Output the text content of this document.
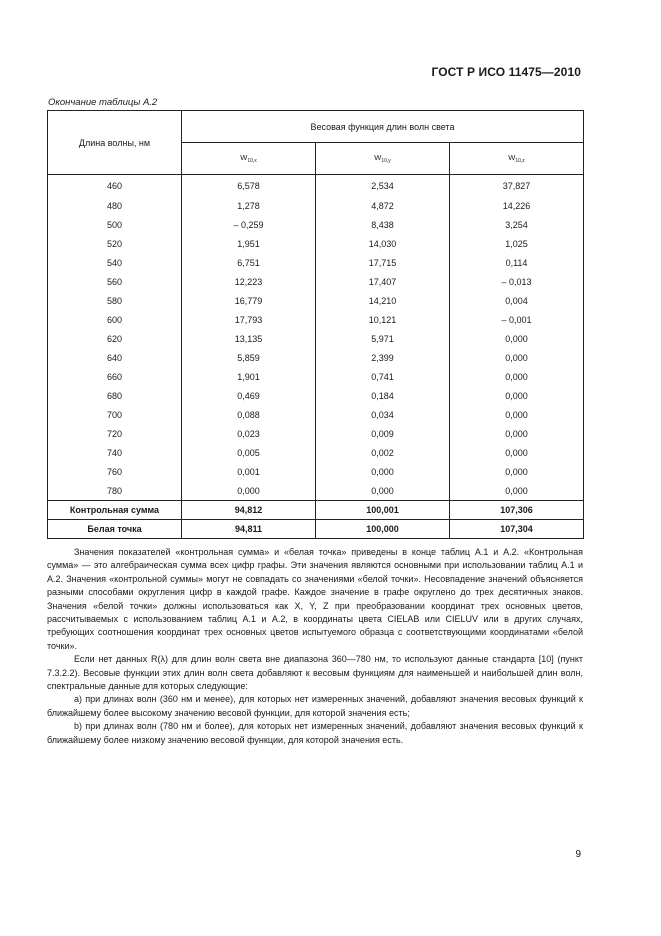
ГОСТ Р ИСО 11475—2010
Окончание таблицы А.2
Длина волны, нм	Весовая функция длин волн света		
	$W_{10,x}$	$W_{10,y}$	$W_{10,z}$
460	6,578	2,534	37,827
480	1,278	4,872	14,226
500	– 0,259	8,438	3,254
520	1,951	14,030	1,025
540	6,751	17,715	0,114
560	12,223	17,407	– 0,013
580	16,779	14,210	0,004
600	17,793	10,121	– 0,001
620	13,135	5,971	0,000
640	5,859	2,399	0,000
660	1,901	0,741	0,000
680	0,469	0,184	0,000
700	0,088	0,034	0,000
720	0,023	0,009	0,000
740	0,005	0,002	0,000
760	0,001	0,000	0,000
780	0,000	0,000	0,000
Контрольная сумма	94,812	100,001	107,306
Белая точка	94,811	100,000	107,304

Значения показателей «контрольная сумма» и «белая точка» приведены в конце таблиц А.1 и А.2. «Контрольная сумма» — это алгебраическая сумма всех цифр графы. Эти значения являются основными при использовании таблиц А.1 и А.2. Значения «контрольной суммы» могут не совпадать со значениями «белой точки». Несовпадение значений объясняется разными способами округления цифр в каждой графе. Каждое значение в графе округлено до трех десятичных знаков. Значения «белой точки» должны использоваться как X, Y, Z при преобразовании координат трех основных цветов, рассчитываемых с использованием таблиц А.1 и А.2, в координаты цвета CIELAB или CIELUV или в других случаях, требующих соотношения координат трех основных цветов испытуемого образца с соответствующими координатами «белой точки».

Если нет данных R(λ) для длин волн света вне диапазона 360—780 нм, то используют данные стандарта [10] (пункт 7.3.2.2). Весовые функции этих длин волн света добавляют к весовым функциям для наименьшей и наибольшей длин волн, спектральные данные для которых следующие:

а) при длинах волн (360 нм и менее), для которых нет измеренных значений, добавляют значения весовых функций к ближайшему более высокому значению весовой функции, для которой значения есть;

b) при длинах волн (780 нм и более), для которых нет измеренных значений, добавляют значения весовых функций к ближайшему более низкому значению весовой функции, для которой значения есть.

9
